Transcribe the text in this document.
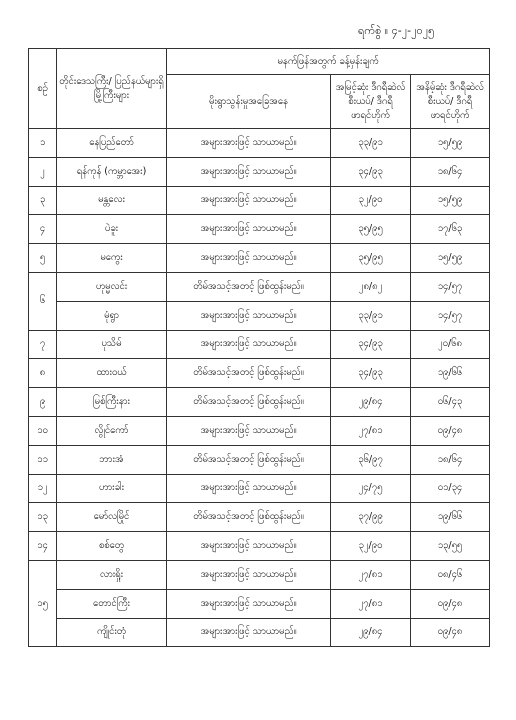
ရက်စွဲ ။ ၄-၂-၂၀၂၅
စဉ်	တိုင်းဒေသကြီး/ ပြည်နယ်များရှိ မြို့ကြီးများ	မနက်ဖြန်အတွက် ခန့်မှန်းချက်		
		မိုးရွာသွန်းမှုအခြေအနေ	အမြင့်ဆုံး ဒီဂရီဆဲလ်စီးယပ်/ ဒီဂရီဖာရင်ဟိုက်	အနိမ့်ဆုံး ဒီဂရီဆဲလ်စီးယပ်/ ဒီဂရီဖာရင်ဟိုက်
၁	နေပြည်တော်	အများအားဖြင့် သာယာမည်။	၃၃/၉၁	၁၅/၅၉
၂	ရန်ကုန် (ကမ္ဘာအေး)	အများအားဖြင့် သာယာမည်။	၃၄/၉၃	၁၈/၆၄
၃	မန္တလေး	အများအားဖြင့် သာယာမည်။	၃၂/၉၀	၁၅/၅၉
၄	ပဲခူး	အများအားဖြင့် သာယာမည်။	၃၅/၉၅	၁၇/၆၃
၅	မကွေး	အများအားဖြင့် သာယာမည်။	၃၅/၉၅	၁၅/၅၉
၆	ဟုမ္မလင်း	တိမ်အသင့်အတင့် ဖြစ်ထွန်းမည်။	၂၈/၈၂	၁၄/၅၇
	မုံရွာ	အများအားဖြင့် သာယာမည်။	၃၃/၉၁	၁၄/၅၇
၇	ပုသိမ်	အများအားဖြင့် သာယာမည်။	၃၄/၉၃	၂၀/၆၈
၈	ထားဝယ်	တိမ်အသင့်အတင့် ဖြစ်ထွန်းမည်။	၃၄/၉၃	၁၉/၆၆
၉	မြစ်ကြီးနား	တိမ်အသင့်အတင့် ဖြစ်ထွန်းမည်။	၂၉/၈၄	၀၆/၄၃
၁၀	လွိုင်ကော်	အများအားဖြင့် သာယာမည်။	၂၇/၈၁	၀၉/၄၈
၁၁	ဘားအံ	တိမ်အသင့်အတင့် ဖြစ်ထွန်းမည်။	၃၆/၉၇	၁၈/၆၄
၁၂	ဟားခါး	အများအားဖြင့် သာယာမည်။	၂၄/၇၅	၀၁/၃၄
၁၃	မော်လမြိုင်	တိမ်အသင့်အတင့် ဖြစ်ထွန်းမည်။	၃၇/၉၉	၁၉/၆၆
၁၄	စစ်တွေ	အများအားဖြင့် သာယာမည်။	၃၂/၉၀	၁၃/၅၅
၁၅	လားရှိုး	အများအားဖြင့် သာယာမည်။	၂၇/၈၁	၀၈/၄၆
	တောင်ကြီး	အများအားဖြင့် သာယာမည်။	၂၇/၈၁	၀၉/၄၈
	ကျိုင်းတုံ	အများအားဖြင့် သာယာမည်။	၂၉/၈၄	၀၉/၄၈
